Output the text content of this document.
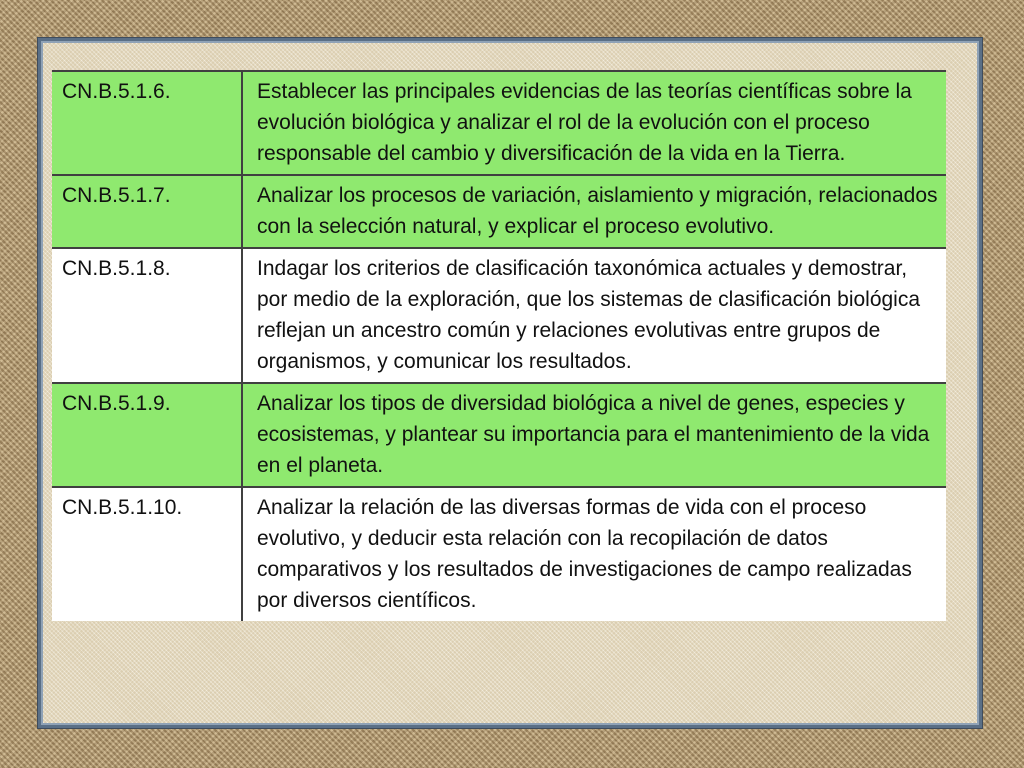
CN.B.5.1.6.	Establecer las principales evidencias de las teorías científicas sobre la evolución biológica y analizar el rol de la evolución con el proceso responsable del cambio y diversificación de la vida en la Tierra.
CN.B.5.1.7.	Analizar los procesos de variación, aislamiento y migración, relacionados con la selección natural, y explicar el proceso evolutivo.
CN.B.5.1.8.	Indagar los criterios de clasificación taxonómica actuales y demostrar, por medio de la exploración, que los sistemas de clasificación biológica reflejan un ancestro común y relaciones evolutivas entre grupos de organismos, y comunicar los resultados.
CN.B.5.1.9.	Analizar los tipos de diversidad biológica a nivel de genes, especies y ecosistemas, y plantear su importancia para el mantenimiento de la vida en el planeta.
CN.B.5.1.10.	Analizar la relación de las diversas formas de vida con el proceso evolutivo, y deducir esta relación con la recopilación de datos comparativos y los resultados de investigaciones de campo realizadas por diversos científicos.
